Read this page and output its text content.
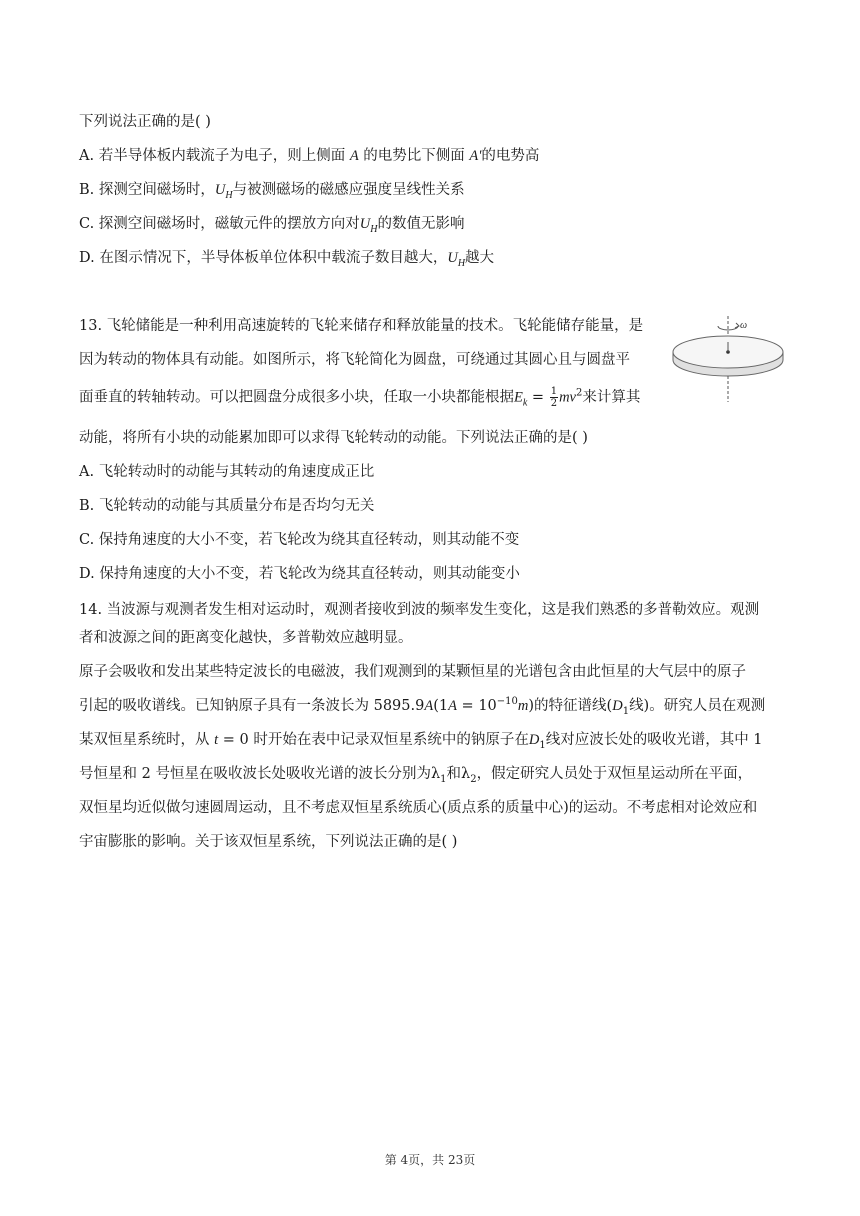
下列说法正确的是( )
A. 若半导体板内载流子为电子，则上侧面 A 的电势比下侧面 A'的电势高
B. 探测空间磁场时，$U_H$与被测磁场的磁感应强度呈线性关系
C. 探测空间磁场时，磁敏元件的摆放方向对$U_H$的数值无影响
D. 在图示情况下，半导体板单位体积中载流子数目越大，$U_H$越大
13. 飞轮储能是一种利用高速旋转的飞轮来储存和释放能量的技术。飞轮能储存能量，是
因为转动的物体具有动能。如图所示，将飞轮简化为圆盘，可绕通过其圆心且与圆盘平
面垂直的转轴转动。可以把圆盘分成很多小块，任取一小块都能根据$E_k = \frac{1}{2} mv^2$来计算其
动能，将所有小块的动能累加即可以求得飞轮转动的动能。下列说法正确的是( )
A. 飞轮转动时的动能与其转动的角速度成正比
B. 飞轮转动的动能与其质量分布是否均匀无关
C. 保持角速度的大小不变，若飞轮改为绕其直径转动，则其动能不变
D. 保持角速度的大小不变，若飞轮改为绕其直径转动，则其动能变小
ω
14. 当波源与观测者发生相对运动时，观测者接收到波的频率发生变化，这是我们熟悉的多普勒效应。观测
者和波源之间的距离变化越快，多普勒效应越明显。
原子会吸收和发出某些特定波长的电磁波，我们观测到的某颗恒星的光谱包含由此恒星的大气层中的原子
引起的吸收谱线。已知钠原子具有一条波长为 $5895.9A(1A = 10^{-10}m)$的特征谱线($D_1$线)。研究人员在观测
某双恒星系统时，从 t = 0 时开始在表中记录双恒星系统中的钠原子在$D_1$线对应波长处的吸收光谱，其中 1
号恒星和 2 号恒星在吸收波长处吸收光谱的波长分别为$\lambda_1$和$\lambda_2$，假定研究人员处于双恒星运动所在平面，
双恒星均近似做匀速圆周运动，且不考虑双恒星系统质心(质点系的质量中心)的运动。不考虑相对论效应和
宇宙膨胀的影响。关于该双恒星系统，下列说法正确的是( )
第 4页，共 23页
